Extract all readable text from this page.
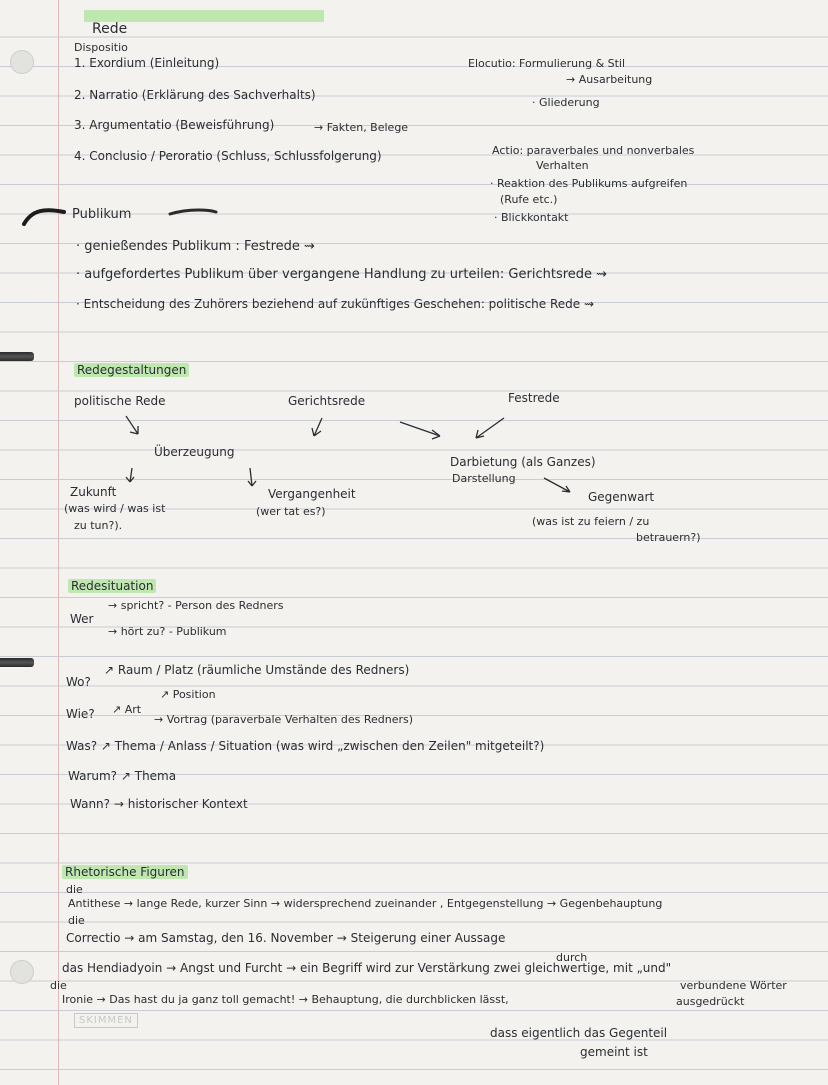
Rede
Dispositio
1. Exordium (Einleitung)
2. Narratio (Erklärung des Sachverhalts)
3. Argumentatio (Beweisführung)	→ Fakten, Belege
4. Conclusio / Peroratio (Schluss, Schlussfolgerung)
Elocutio: Formulierung & Stil
→ Ausarbeitung
· Gliederung
Actio: paraverbales und nonverbales
Verhalten
· Reaktion des Publikums aufgreifen
(Rufe etc.)
· Blickkontakt
Publikum
· genießendes Publikum : Festrede ⇝
· aufgefordertes Publikum über vergangene Handlung zu urteilen: Gerichtsrede ⇝
· Entscheidung des Zuhörers beziehend auf zukünftiges Geschehen: politische Rede ⇝
Redegestaltungen
politische Rede	Gerichtsrede	Festrede
Überzeugung
Darbietung (als Ganzes)
Darstellung
Zukunft
(was wird / was ist
zu tun?).
Vergangenheit
(wer tat es?)
Gegenwart
(was ist zu feiern / zu
betrauern?)
Redesituation
Wer
→ spricht? - Person des Redners
→ hört zu? - Publikum
Wo?
↗ Raum / Platz (räumliche Umstände des Redners)
Wie?
↗ Position
↗ Art
→ Vortrag (paraverbale Verhalten des Redners)
Was? ↗ Thema / Anlass / Situation (was wird „zwischen den Zeilen" mitgeteilt?)
Warum? ↗ Thema
Wann? → historischer Kontext
Rhetorische Figuren
die
Antithese → lange Rede, kurzer Sinn → widersprechend zueinander , Entgegenstellung → Gegenbehauptung
die
Correctio → am Samstag, den 16. November → Steigerung einer Aussage
durch
das Hendiadyoin → Angst und Furcht → ein Begriff wird zur Verstärkung zwei gleichwertige, mit „und"
die	verbundene Wörter
ausgedrückt
Ironie → Das hast du ja ganz toll gemacht! → Behauptung, die durchblicken lässt,
SKIMMEN
dass eigentlich das Gegenteil
gemeint ist
